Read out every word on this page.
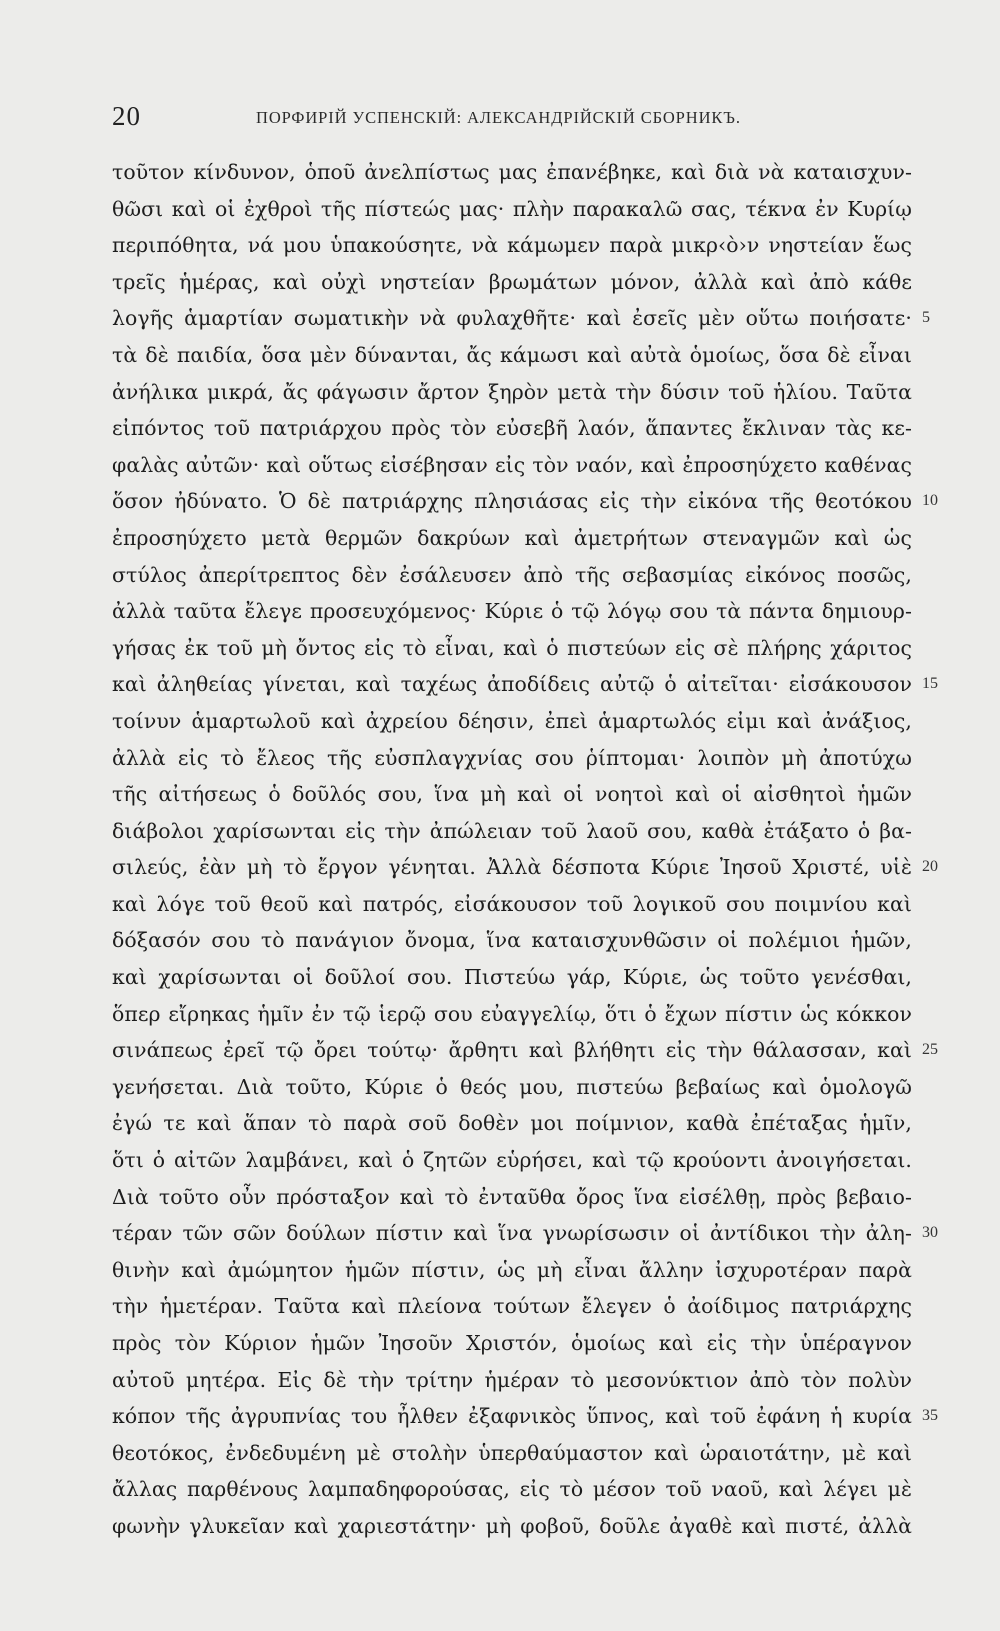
20	ПОРФИРІЙ УСПЕНСКІЙ: АЛЕКСАНДРІЙСКІЙ СБОРНИКЪ.
τοῦτον κίνδυνον, ὁποῦ ἀνελπίστως μας ἐπανέβηκε, καὶ διὰ νὰ καταισχυν-
θῶσι καὶ οἱ ἐχθροὶ τῆς πίστεώς μας· πλὴν παρακαλῶ σας, τέκνα ἐν Κυρίῳ
περιπόθητα, νά μου ὑπακούσητε, νὰ κάμωμεν παρὰ μικρ‹ὸ›ν νηστείαν ἕως
τρεῖς ἡμέρας, καὶ οὐχὶ νηστείαν βρωμάτων μόνον, ἀλλὰ καὶ ἀπὸ κάθε
λογῆς ἁμαρτίαν σωματικὴν νὰ φυλαχθῆτε· καὶ ἐσεῖς μὲν οὕτω ποιήσατε·
τὰ δὲ παιδία, ὅσα μὲν δύνανται, ἄς κάμωσι καὶ αὐτὰ ὁμοίως, ὅσα δὲ εἶναι
ἀνήλικα μικρά, ἄς φάγωσιν ἄρτον ξηρὸν μετὰ τὴν δύσιν τοῦ ἡλίου. Ταῦτα
εἰπόντος τοῦ πατριάρχου πρὸς τὸν εὐσεβῆ λαόν, ἅπαντες ἔκλιναν τὰς κε-
φαλὰς αὐτῶν· καὶ οὕτως εἰσέβησαν εἰς τὸν ναόν, καὶ ἐπροσηύχετο καθένας
ὅσον ἠδύνατο. Ὁ δὲ πατριάρχης πλησιάσας εἰς τὴν εἰκόνα τῆς θεοτόκου
ἐπροσηύχετο μετὰ θερμῶν δακρύων καὶ ἀμετρήτων στεναγμῶν καὶ ὡς
στύλος ἀπερίτρεπτος δὲν ἐσάλευσεν ἀπὸ τῆς σεβασμίας εἰκόνος ποσῶς,
ἀλλὰ ταῦτα ἔλεγε προσευχόμενος· Κύριε ὁ τῷ λόγῳ σου τὰ πάντα δημιουρ-
γήσας ἐκ τοῦ μὴ ὄντος εἰς τὸ εἶναι, καὶ ὁ πιστεύων εἰς σὲ πλήρης χάριτος
καὶ ἀληθείας γίνεται, καὶ ταχέως ἀποδίδεις αὐτῷ ὁ αἰτεῖται· εἰσάκουσον
τοίνυν ἁμαρτωλοῦ καὶ ἀχρείου δέησιν, ἐπεὶ ἁμαρτωλός εἰμι καὶ ἀνάξιος,
ἀλλὰ εἰς τὸ ἔλεος τῆς εὐσπλαγχνίας σου ῥίπτομαι· λοιπὸν μὴ ἀποτύχω
τῆς αἰτήσεως ὁ δοῦλός σου, ἵνα μὴ καὶ οἱ νοητοὶ καὶ οἱ αἰσθητοὶ ἡμῶν
διάβολοι χαρίσωνται εἰς τὴν ἀπώλειαν τοῦ λαοῦ σου, καθὰ ἐτάξατο ὁ βα-
σιλεύς, ἐὰν μὴ τὸ ἔργον γένηται. Ἀλλὰ δέσποτα Κύριε Ἰησοῦ Χριστέ, υἱὲ
καὶ λόγε τοῦ θεοῦ καὶ πατρός, εἰσάκουσον τοῦ λογικοῦ σου ποιμνίου καὶ
δόξασόν σου τὸ πανάγιον ὄνομα, ἵνα καταισχυνθῶσιν οἱ πολέμιοι ἡμῶν,
καὶ χαρίσωνται οἱ δοῦλοί σου. Πιστεύω γάρ, Κύριε, ὡς τοῦτο γενέσθαι,
ὅπερ εἴρηκας ἡμῖν ἐν τῷ ἱερῷ σου εὐαγγελίῳ, ὅτι ὁ ἔχων πίστιν ὡς κόκκον
σινάπεως ἐρεῖ τῷ ὄρει τούτῳ· ἄρθητι καὶ βλήθητι εἰς τὴν θάλασσαν, καὶ
γενήσεται. Διὰ τοῦτο, Κύριε ὁ θεός μου, πιστεύω βεβαίως καὶ ὁμολογῶ
ἐγώ τε καὶ ἅπαν τὸ παρὰ σοῦ δοθὲν μοι ποίμνιον, καθὰ ἐπέταξας ἡμῖν,
ὅτι ὁ αἰτῶν λαμβάνει, καὶ ὁ ζητῶν εὑρήσει, καὶ τῷ κρούοντι ἀνοιγήσεται.
Διὰ τοῦτο οὖν πρόσταξον καὶ τὸ ἐνταῦθα ὄρος ἵνα εἰσέλθῃ, πρὸς βεβαιο-
τέραν τῶν σῶν δούλων πίστιν καὶ ἵνα γνωρίσωσιν οἱ ἀντίδικοι τὴν ἀλη-
θινὴν καὶ ἀμώμητον ἡμῶν πίστιν, ὡς μὴ εἶναι ἄλλην ἰσχυροτέραν παρὰ
τὴν ἡμετέραν. Ταῦτα καὶ πλείονα τούτων ἔλεγεν ὁ ἀοίδιμος πατριάρχης
πρὸς τὸν Κύριον ἡμῶν Ἰησοῦν Χριστόν, ὁμοίως καὶ εἰς τὴν ὑπέραγνον
αὐτοῦ μητέρα. Εἰς δὲ τὴν τρίτην ἡμέραν τὸ μεσονύκτιον ἀπὸ τὸν πολὺν
κόπον τῆς ἀγρυπνίας του ἦλθεν ἐξαφνικὸς ὕπνος, καὶ τοῦ ἐφάνη ἡ κυρία
θεοτόκος, ἐνδεδυμένη μὲ στολὴν ὑπερθαύμαστον καὶ ὡραιοτάτην, μὲ καὶ
ἄλλας παρθένους λαμπαδηφορούσας, εἰς τὸ μέσον τοῦ ναοῦ, καὶ λέγει μὲ
φωνὴν γλυκεῖαν καὶ χαριεστάτην· μὴ φοβοῦ, δοῦλε ἀγαθὲ καὶ πιστέ, ἀλλὰ
5
10
15
20
25
30
35
